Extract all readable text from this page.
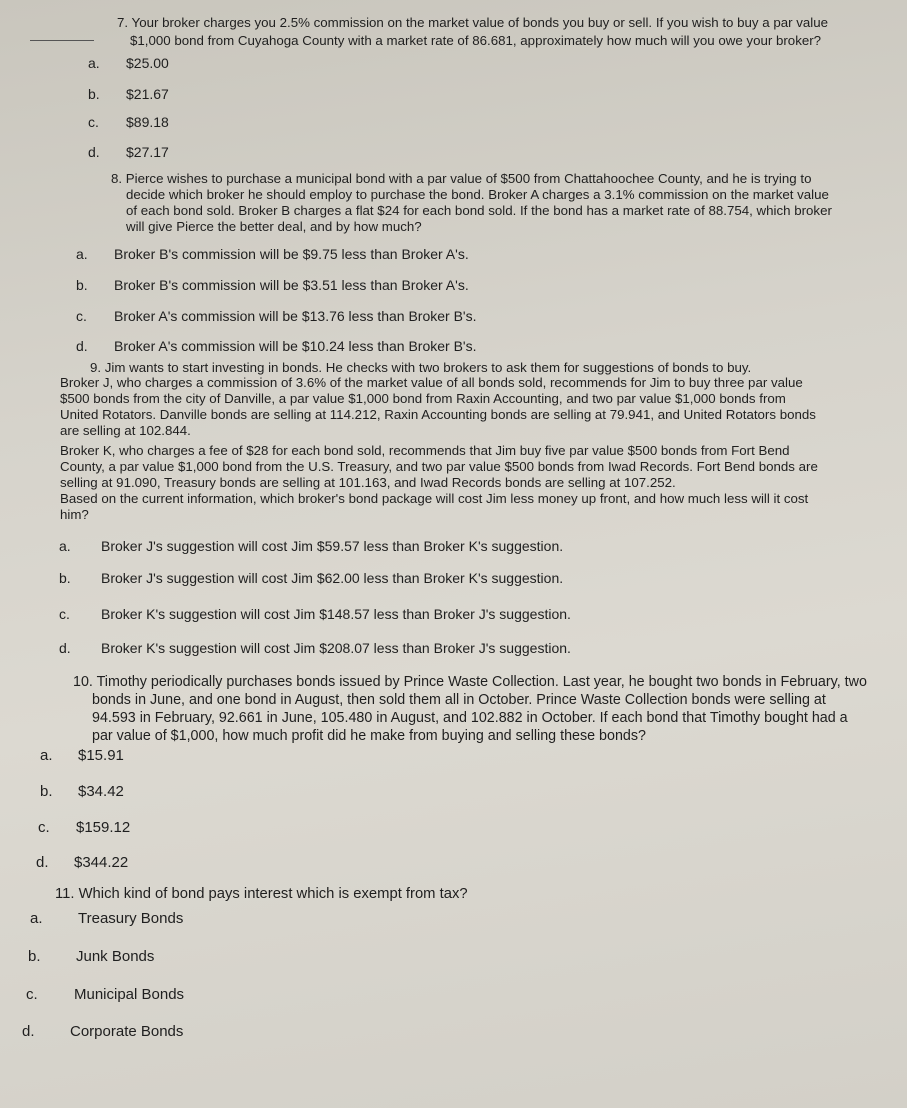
7. Your broker charges you 2.5% commission on the market value of bonds you buy or sell. If you wish to buy a par value
$1,000 bond from Cuyahoga County with a market rate of 86.681, approximately how much will you owe your broker?
a. $25.00
b. $21.67
c. $89.18
d. $27.17
8. Pierce wishes to purchase a municipal bond with a par value of $500 from Chattahoochee County, and he is trying to
decide which broker he should employ to purchase the bond. Broker A charges a 3.1% commission on the market value
of each bond sold. Broker B charges a flat $24 for each bond sold. If the bond has a market rate of 88.754, which broker
will give Pierce the better deal, and by how much?
a. Broker B's commission will be $9.75 less than Broker A's.
b. Broker B's commission will be $3.51 less than Broker A's.
c. Broker A's commission will be $13.76 less than Broker B's.
d. Broker A's commission will be $10.24 less than Broker B's.
9. Jim wants to start investing in bonds. He checks with two brokers to ask them for suggestions of bonds to buy.
Broker J, who charges a commission of 3.6% of the market value of all bonds sold, recommends for Jim to buy three par value
$500 bonds from the city of Danville, a par value $1,000 bond from Raxin Accounting, and two par value $1,000 bonds from
United Rotators. Danville bonds are selling at 114.212, Raxin Accounting bonds are selling at 79.941, and United Rotators bonds
are selling at 102.844.
Broker K, who charges a fee of $28 for each bond sold, recommends that Jim buy five par value $500 bonds from Fort Bend
County, a par value $1,000 bond from the U.S. Treasury, and two par value $500 bonds from Iwad Records. Fort Bend bonds are
selling at 91.090, Treasury bonds are selling at 101.163, and Iwad Records bonds are selling at 107.252.
Based on the current information, which broker's bond package will cost Jim less money up front, and how much less will it cost
him?
a. Broker J's suggestion will cost Jim $59.57 less than Broker K's suggestion.
b. Broker J's suggestion will cost Jim $62.00 less than Broker K's suggestion.
c. Broker K's suggestion will cost Jim $148.57 less than Broker J's suggestion.
d. Broker K's suggestion will cost Jim $208.07 less than Broker J's suggestion.
10. Timothy periodically purchases bonds issued by Prince Waste Collection. Last year, he bought two bonds in February, two
bonds in June, and one bond in August, then sold them all in October. Prince Waste Collection bonds were selling at
94.593 in February, 92.661 in June, 105.480 in August, and 102.882 in October. If each bond that Timothy bought had a
par value of $1,000, how much profit did he make from buying and selling these bonds?
a. $15.91
b. $34.42
c. $159.12
d. $344.22
11. Which kind of bond pays interest which is exempt from tax?
a. Treasury Bonds
b. Junk Bonds
c. Municipal Bonds
d. Corporate Bonds
